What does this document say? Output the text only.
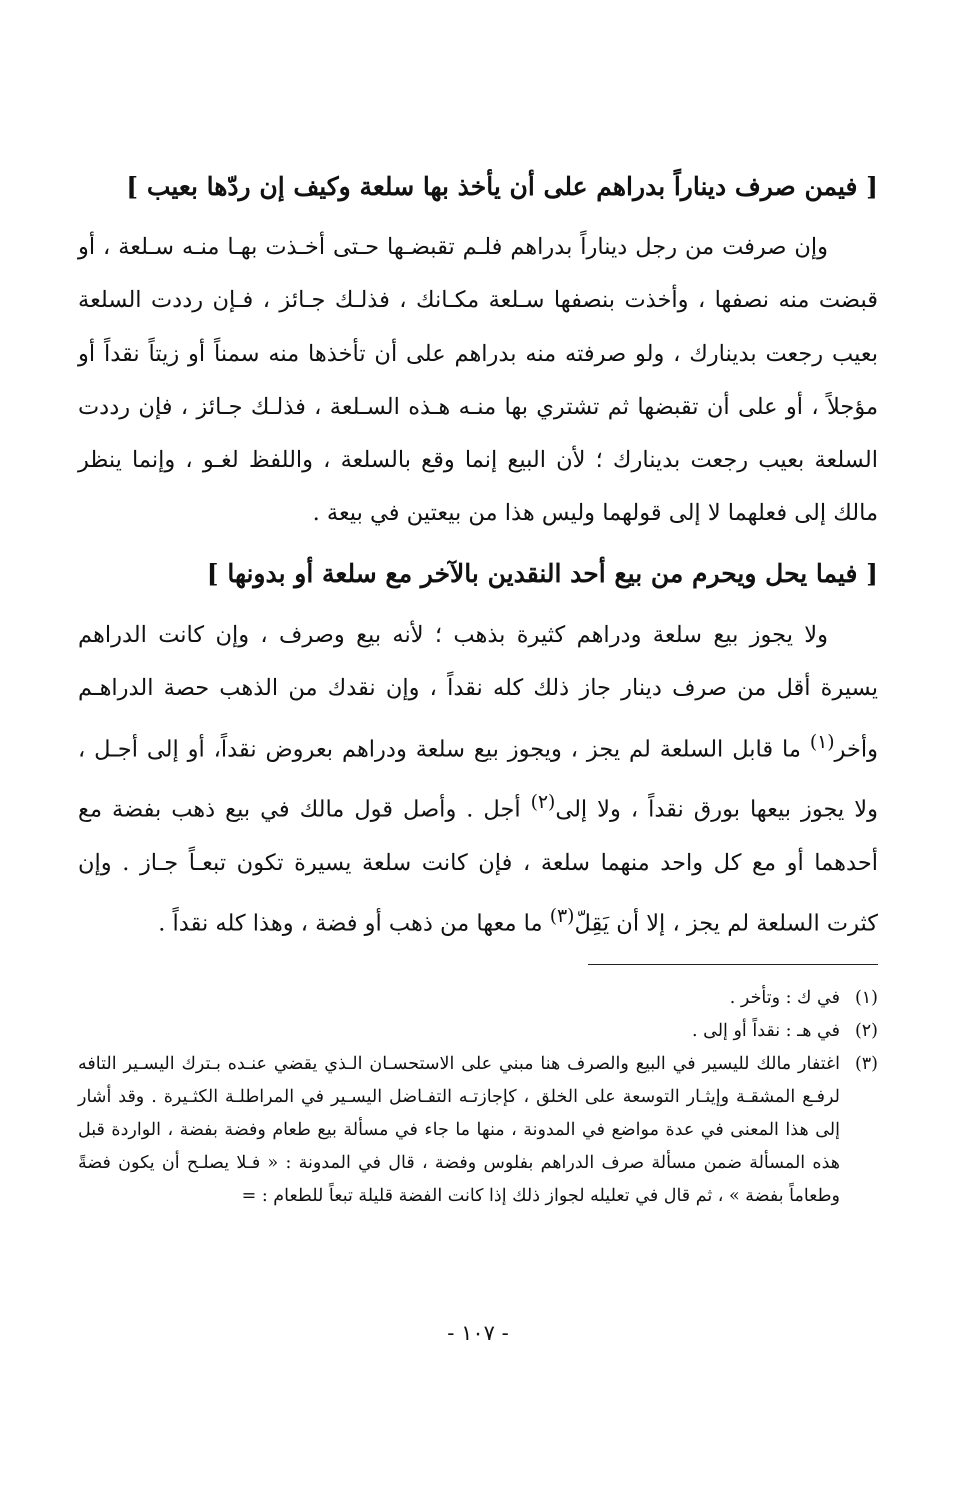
[ فيمن صرف ديناراً بدراهم على أن يأخذ بها سلعة وكيف إن ردّها بعيب ]
وإن صرفت من رجل ديناراً بدراهم فلـم تقبضـها حـتى أخـذت بهـا منـه سـلعة ، أو قبضت منه نصفها ، وأخذت بنصفها سـلعة مكـانك ، فذلـك جـائز ، فـإن رددت السلعة بعيب رجعت بدينارك ، ولو صرفته منه بدراهم على أن تأخذها منه سمناً أو زيتاً نقداً أو مؤجلاً ، أو على أن تقبضها ثم تشتري بها منـه هـذه السـلعة ، فذلـك جـائز ، فإن رددت السلعة بعيب رجعت بدينارك ؛ لأن البيع إنما وقع بالسلعة ، واللفظ لغـو ، وإنما ينظر مالك إلى فعلهما لا إلى قولهما وليس هذا من بيعتين في بيعة .
[ فيما يحل ويحرم من بيع أحد النقدين بالآخر مع سلعة أو بدونها ]
ولا يجوز بيع سلعة ودراهم كثيرة بذهب ؛ لأنه بيع وصرف ، وإن كانت الدراهم يسيرة أقل من صرف دينار جاز ذلك كله نقداً ، وإن نقدك من الذهب حصة الدراهـم وأخر$^{(١)}$ ما قابل السلعة لم يجز ، ويجوز بيع سلعة ودراهم بعروض نقداً، أو إلى أجـل ، ولا يجوز بيعها بورق نقداً ، ولا إلى$^{(٢)}$ أجل . وأصل قول مالك في بيع ذهب بفضة مع أحدهما أو مع كل واحد منهما سلعة ، فإن كانت سلعة يسيرة تكون تبعـاً جـاز . وإن كثرت السلعة لم يجز ، إلا أن يَقِلّ$^{(٣)}$ ما معها من ذهب أو فضة ، وهذا كله نقداً .
(١)
في ك : وتأخر .
(٢)
في هـ : نقداً أو إلى .
(٣)
اغتفار مالك لليسير في البيع والصرف هنا مبني على الاستحسـان الـذي يقضي عنـده بـترك اليسـير التافه لرفـع المشقـة وإيثـار التوسعة على الخلق ، كإجازتـه التفـاضل اليسـير في المراطلـة الكثـيرة . وقد أشار إلى هذا المعنى في عدة مواضع في المدونة ، منها ما جاء في مسألة بيع طعام وفضة بفضة ، الواردة قبل هذه المسألة ضمن مسألة صرف الدراهم بفلوس وفضة ، قال في المدونة : « فـلا يصلـح أن يكون فضةً وطعاماً بفضة » ، ثم قال في تعليله لجواز ذلك إذا كانت الفضة قليلة تبعاً للطعام : =
- ١٠٧ -
